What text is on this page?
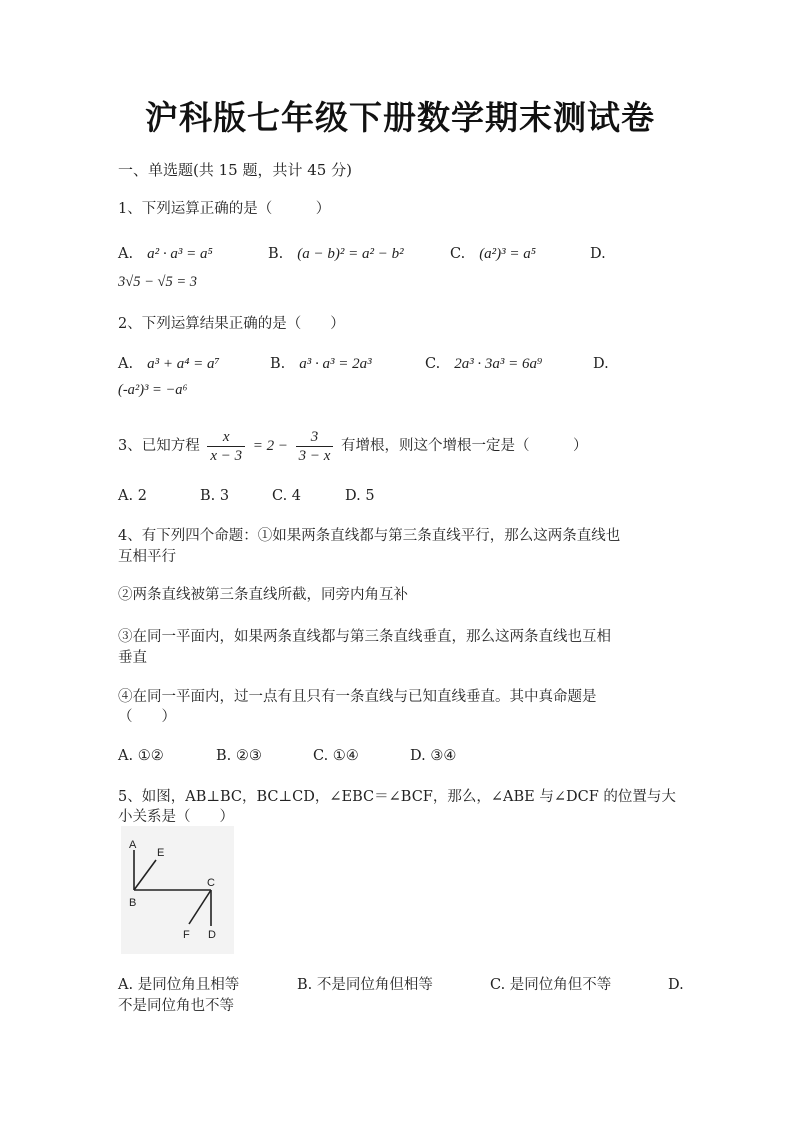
沪科版七年级下册数学期末测试卷
一、单选题(共 15 题，共计 45 分)
1、下列运算正确的是（　　　）
A. a² · a³ = a⁵	B. (a − b)² = a² − b²	C. (a²)³ = a⁵	D.
3√5 − √5 = 3
2、下列运算结果正确的是（　　）
A. a³ + a⁴ = a⁷	B. a³ · a³ = 2a³	C. 2a³ · 3a³ = 6a⁹	D.
(-a²)³ = −a⁶
3、已知方程 $\frac{x}{x - 3} = 2 - \frac{3}{3 - x}$ 有增根，则这个增根一定是（　　　）
A. 2	B. 3	C. 4	D. 5
4、有下列四个命题：①如果两条直线都与第三条直线平行，那么这两条直线也
互相平行
②两条直线被第三条直线所截，同旁内角互补
③在同一平面内，如果两条直线都与第三条直线垂直，那么这两条直线也互相
垂直
④在同一平面内，过一点有且只有一条直线与已知直线垂直。其中真命题是
（　　）
A. ①②	B. ②③	C. ①④	D. ③④
5、如图，AB⊥BC，BC⊥CD，∠EBC＝∠BCF，那么，∠ABE 与∠DCF 的位置与大
小关系是（　　）
A
E
B
C
F D
A. 是同位角且相等	B. 不是同位角但相等	C. 是同位角但不等	D.
不是同位角也不等
